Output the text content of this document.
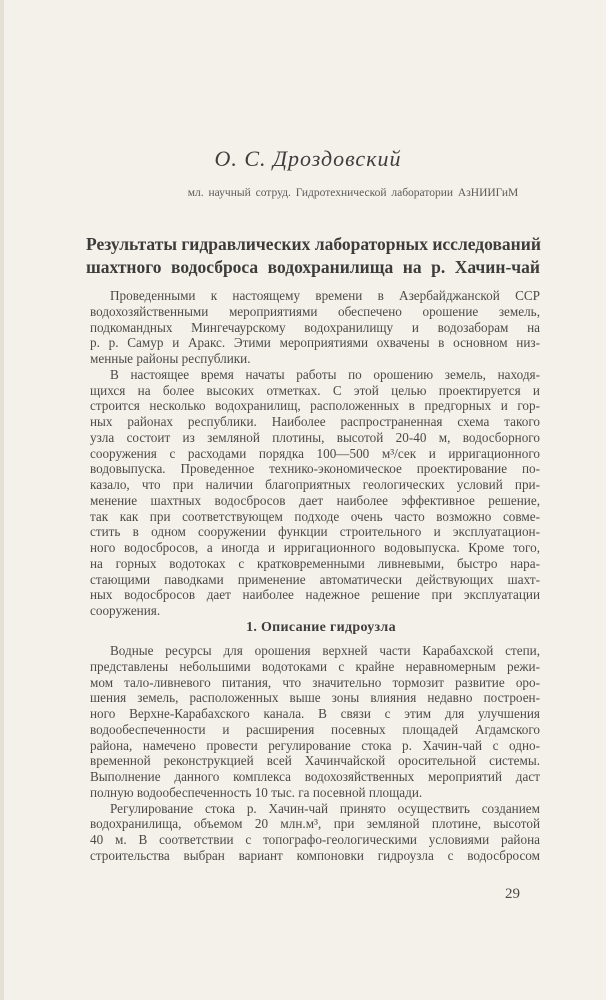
О. С. Дроздовский
мл. научный сотруд. Гидротехнической лаборатории АзНИИГиМ
Результаты гидравлических лабораторных исследований
шахтного водосброса водохранилища на р. Хачин-чай
Проведенными к настоящему времени в Азербайджанской ССР
водохозяйственными мероприятиями обеспечено орошение земель,
подкомандных Мингечаурскому водохранилищу и водозаборам на
р. р. Самур и Аракс. Этими мероприятиями охвачены в основном низ-
менные районы республики.
В настоящее время начаты работы по орошению земель, находя-
щихся на более высоких отметках. С этой целью проектируется и
строится несколько водохранилищ, расположенных в предгорных и гор-
ных районах республики. Наиболее распространенная схема такого
узла состоит из земляной плотины, высотой 20-40 м, водосборного
сооружения с расходами порядка 100—500 м³/сек и ирригационного
водовыпуска. Проведенное технико-экономическое проектирование по-
казало, что при наличии благоприятных геологических условий при-
менение шахтных водосбросов дает наиболее эффективное решение,
так как при соответствующем подходе очень часто возможно совме-
стить в одном сооружении функции строительного и эксплуатацион-
ного водосбросов, а иногда и ирригационного водовыпуска. Кроме того,
на горных водотоках с кратковременными ливневыми, быстро нара-
стающими паводками применение автоматически действующих шахт-
ных водосбросов дает наиболее надежное решение при эксплуатации
сооружения.
1. Описание гидроузла
Водные ресурсы для орошения верхней части Карабахской степи,
представлены небольшими водотоками с крайне неравномерным режи-
мом тало-ливневого питания, что значительно тормозит развитие оро-
шения земель, расположенных выше зоны влияния недавно построен-
ного Верхне-Карабахского канала. В связи с этим для улучшения
водообеспеченности и расширения посевных площадей Агдамского
района, намечено провести регулирование стока р. Хачин-чай с одно-
временной реконструкцией всей Хачинчайской оросительной системы.
Выполнение данного комплекса водохозяйственных мероприятий даст
полную водообеспеченность 10 тыс. га посевной площади.
Регулирование стока р. Хачин-чай принято осуществить созданием
водохранилища, объемом 20 млн.м³, при земляной плотине, высотой
40 м. В соответствии с топографо-геологическими условиями района
строительства выбран вариант компоновки гидроузла с водосбросом
29
